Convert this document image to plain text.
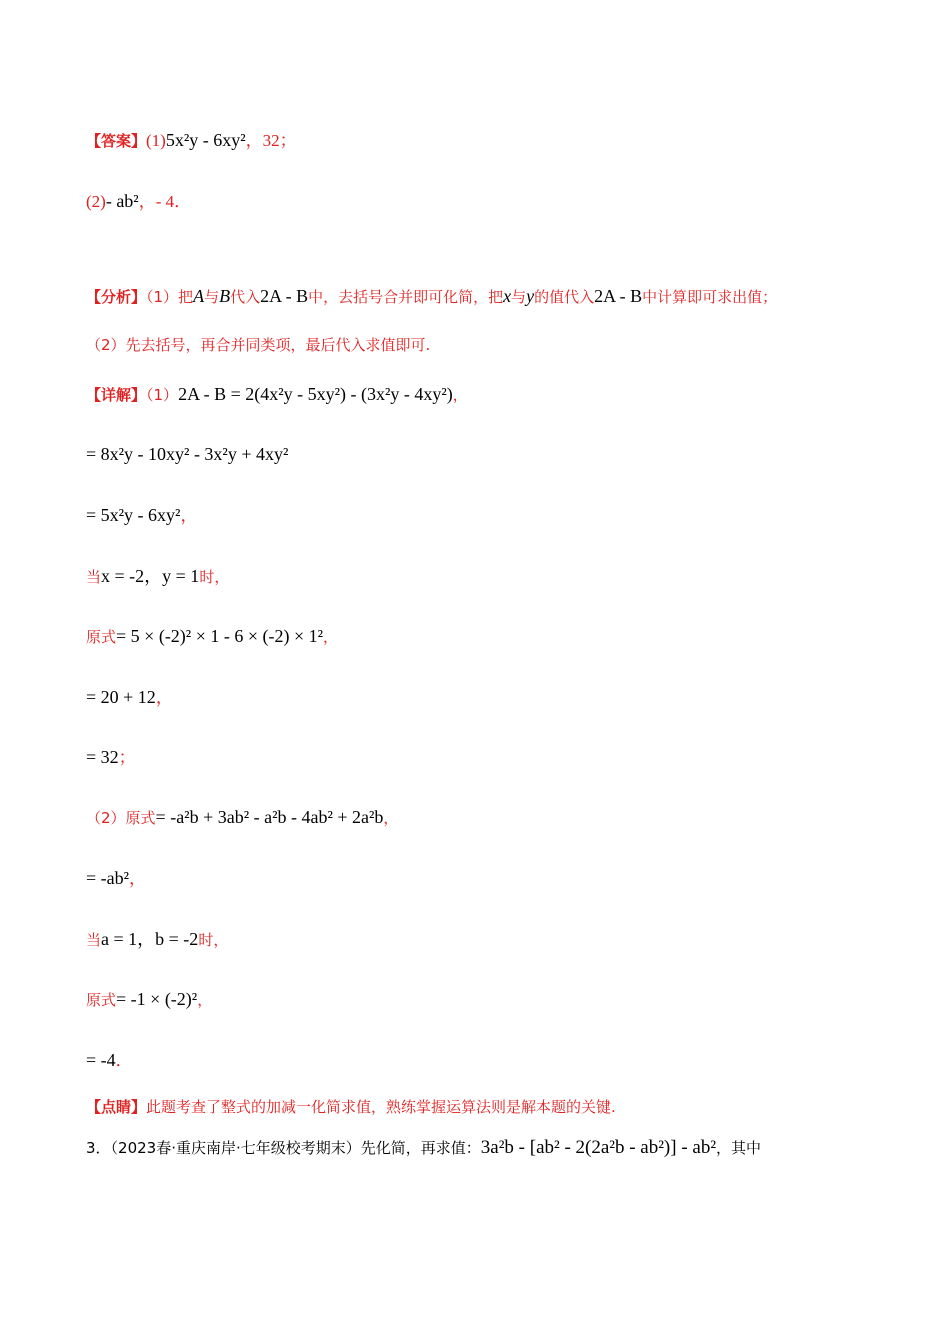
【答案】(1)5x²y - 6xy²，32；
(2)- ab²，- 4．
【分析】（1）把A与B代入2A - B中，去括号合并即可化简，把x与y的值代入2A - B中计算即可求出值；
（2）先去括号，再合并同类项，最后代入求值即可.
【详解】（1）2A - B = 2(4x²y - 5xy²) - (3x²y - 4xy²)，
= 8x²y - 10xy² - 3x²y + 4xy²
= 5x²y - 6xy²，
当x = -2，y = 1时，
原式= 5 × (-2)² × 1 - 6 × (-2) × 1²，
= 20 + 12，
= 32；
（2）原式= -a²b + 3ab² - a²b - 4ab² + 2a²b，
= -ab²，
当a = 1，b = -2时，
原式= -1 × (-2)²，
= -4．
【点睛】此题考查了整式的加减一化简求值，熟练掌握运算法则是解本题的关键.
3．（2023春·重庆南岸·七年级校考期末）先化简，再求值：3a²b - [ab² - 2(2a²b - ab²)] - ab²，其中
